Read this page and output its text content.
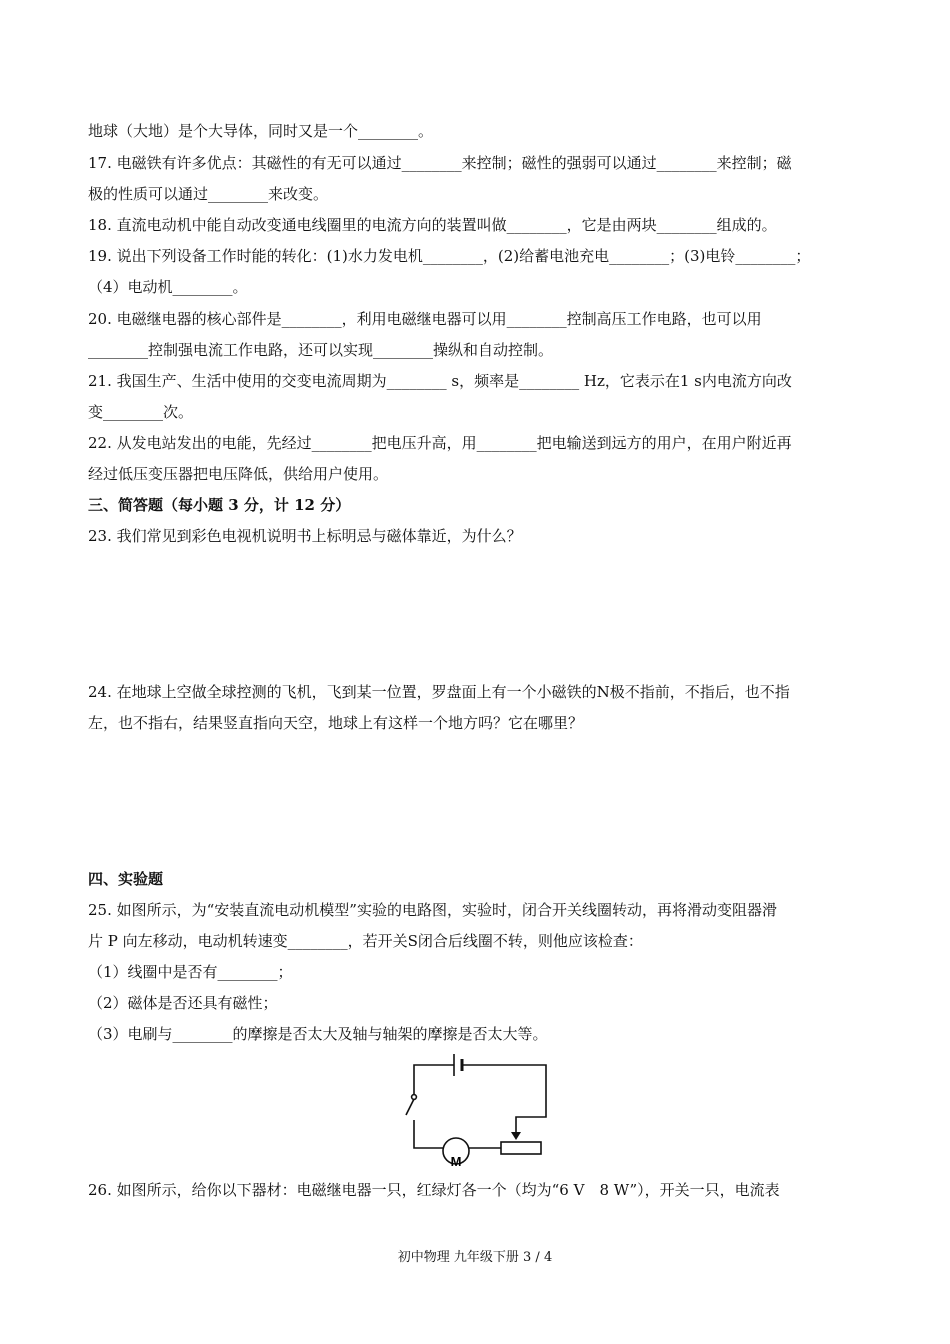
地球（大地）是个大导体，同时又是一个________。
17. 电磁铁有许多优点：其磁性的有无可以通过________来控制；磁性的强弱可以通过________来控制；磁
极的性质可以通过________来改变。
18. 直流电动机中能自动改变通电线圈里的电流方向的装置叫做________，它是由两块________组成的。
19. 说出下列设备工作时能的转化：(1)水力发电机________，(2)给蓄电池充电________；(3)电铃________；
（4）电动机________。
20. 电磁继电器的核心部件是________，利用电磁继电器可以用________控制高压工作电路，也可以用
________控制强电流工作电路，还可以实现________操纵和自动控制。
21. 我国生产、生活中使用的交变电流周期为________ s，频率是________ Hz，它表示在1 s内电流方向改
变________次。
22. 从发电站发出的电能，先经过________把电压升高，用________把电输送到远方的用户，在用户附近再
经过低压变压器把电压降低，供给用户使用。
三、简答题（每小题 3 分，计 12 分）
23. 我们常见到彩色电视机说明书上标明忌与磁体靠近，为什么？
24. 在地球上空做全球控测的飞机，飞到某一位置，罗盘面上有一个小磁铁的N极不指前，不指后，也不指
左，也不指右，结果竖直指向天空，地球上有这样一个地方吗？它在哪里？
四、实验题
25. 如图所示，为“安装直流电动机模型”实验的电路图，实验时，闭合开关线圈转动，再将滑动变阻器滑
片 P 向左移动，电动机转速变________，若开关S闭合后线圈不转，则他应该检查：
（1）线圈中是否有________；
（2）磁体是否还具有磁性；
（3）电刷与________的摩擦是否太大及轴与轴架的摩擦是否太大等。
M
26. 如图所示，给你以下器材：电磁继电器一只，红绿灯各一个（均为“6 V　8 W”），开关一只，电流表
初中物理 九年级下册 3 / 4
